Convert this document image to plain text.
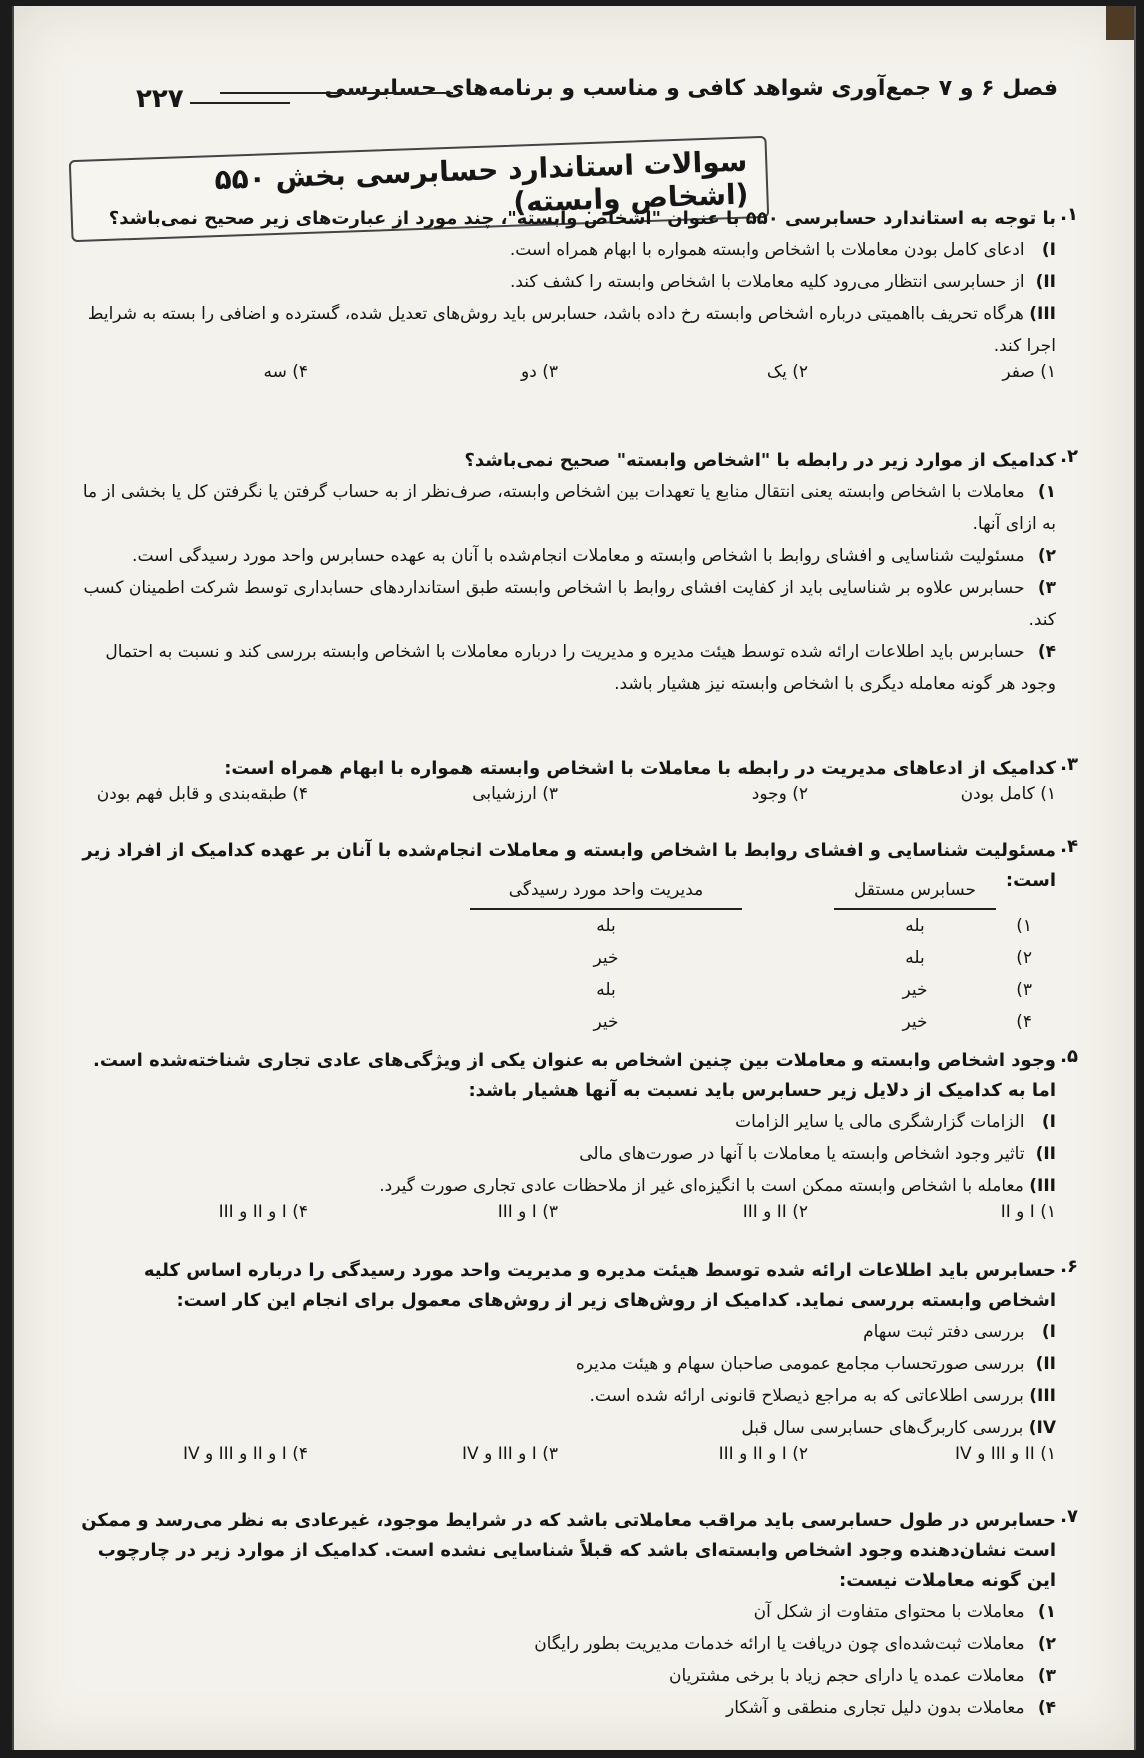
فصل ۶ و ۷ جمع‌آوری شواهد کافی و مناسب و برنامه‌های حسابرسی
۲۲۷
سوالات استاندارد حسابرسی بخش ۵۵۰ (اشخاص وابسته)	۱.
با توجه به استاندارد حسابرسی ۵۵۰ با عنوان "اشخاص وابسته"، چند مورد از عبارت‌های زیر صحیح نمی‌باشد؟
I) ادعای کامل بودن معاملات با اشخاص وابسته همواره با ابهام همراه است.
II) از حسابرسی انتظار می‌رود کلیه معاملات با اشخاص وابسته را کشف کند.
III) هرگاه تحریف بااهمیتی درباره اشخاص وابسته رخ داده باشد، حسابرس باید روش‌های تعدیل شده، گسترده و اضافی را بسته به شرایط اجرا کند.
۱) صفر
۲) یک
۳) دو
۴) سه
۲.
کدامیک از موارد زیر در رابطه با "اشخاص وابسته" صحیح نمی‌باشد؟
۱) معاملات با اشخاص وابسته یعنی انتقال منابع یا تعهدات بین اشخاص وابسته، صرف‌نظر از به حساب گرفتن یا نگرفتن کل یا بخشی از ما به ازای آنها.
۲) مسئولیت شناسایی و افشای روابط با اشخاص وابسته و معاملات انجام‌شده با آنان به عهده حسابرس واحد مورد رسیدگی است.
۳) حسابرس علاوه بر شناسایی باید از کفایت افشای روابط با اشخاص وابسته طبق استانداردهای حسابداری توسط شرکت اطمینان کسب کند.
۴) حسابرس باید اطلاعات ارائه شده توسط هیئت مدیره و مدیریت را درباره معاملات با اشخاص وابسته بررسی کند و نسبت به احتمال وجود هر گونه معامله دیگری با اشخاص وابسته نیز هشیار باشد.
۳.
کدامیک از ادعاهای مدیریت در رابطه با معاملات با اشخاص وابسته همواره با ابهام همراه است:
۱) کامل بودن
۲) وجود
۳) ارزشیابی
۴) طبقه‌بندی و قابل فهم بودن
۴.
مسئولیت شناسایی و افشای روابط با اشخاص وابسته و معاملات انجام‌شده با آنان بر عهده کدامیک از افراد زیر است:
	حسابرس مستقل		مدیریت واحد مورد رسیدگی
۱)	بله		بله
۲)	بله		خیر
۳)	خیر		بله
۴)	خیر		خیر
۵.
وجود اشخاص وابسته و معاملات بین چنین اشخاص به عنوان یکی از ویژگی‌های عادی تجاری شناخته‌شده است. اما به کدامیک از دلایل زیر حسابرس باید نسبت به آنها هشیار باشد:
I) الزامات گزارشگری مالی یا سایر الزامات
II) تاثیر وجود اشخاص وابسته یا معاملات با آنها در صورت‌های مالی
III) معامله با اشخاص وابسته ممکن است با انگیزه‌ای غیر از ملاحظات عادی تجاری صورت گیرد.
۱) I و II
۲) II و III
۳) I و III
۴) I و II و III
۶.
حسابرس باید اطلاعات ارائه شده توسط هیئت مدیره و مدیریت واحد مورد رسیدگی را درباره اساس کلیه اشخاص وابسته بررسی نماید. کدامیک از روش‌های زیر از روش‌های معمول برای انجام این کار است:
I) بررسی دفتر ثبت سهام
II) بررسی صورتحساب مجامع عمومی صاحبان سهام و هیئت مدیره
III) بررسی اطلاعاتی که به مراجع ذیصلاح قانونی ارائه شده است.
IV) بررسی کاربرگ‌های حسابرسی سال قبل
۱) II و III و IV
۲) I و II و III
۳) I و III و IV
۴) I و II و III و IV
۷.
حسابرس در طول حسابرسی باید مراقب معاملاتی باشد که در شرایط موجود، غیرعادی به نظر می‌رسد و ممکن است نشان‌دهنده وجود اشخاص وابسته‌ای باشد که قبلاً شناسایی نشده است. کدامیک از موارد زیر در چارچوب این گونه معاملات نیست:
۱) معاملات با محتوای متفاوت از شکل آن
۲) معاملات ثبت‌شده‌ای چون دریافت یا ارائه خدمات مدیریت بطور رایگان
۳) معاملات عمده یا دارای حجم زیاد با برخی مشتریان
۴) معاملات بدون دلیل تجاری منطقی و آشکار
